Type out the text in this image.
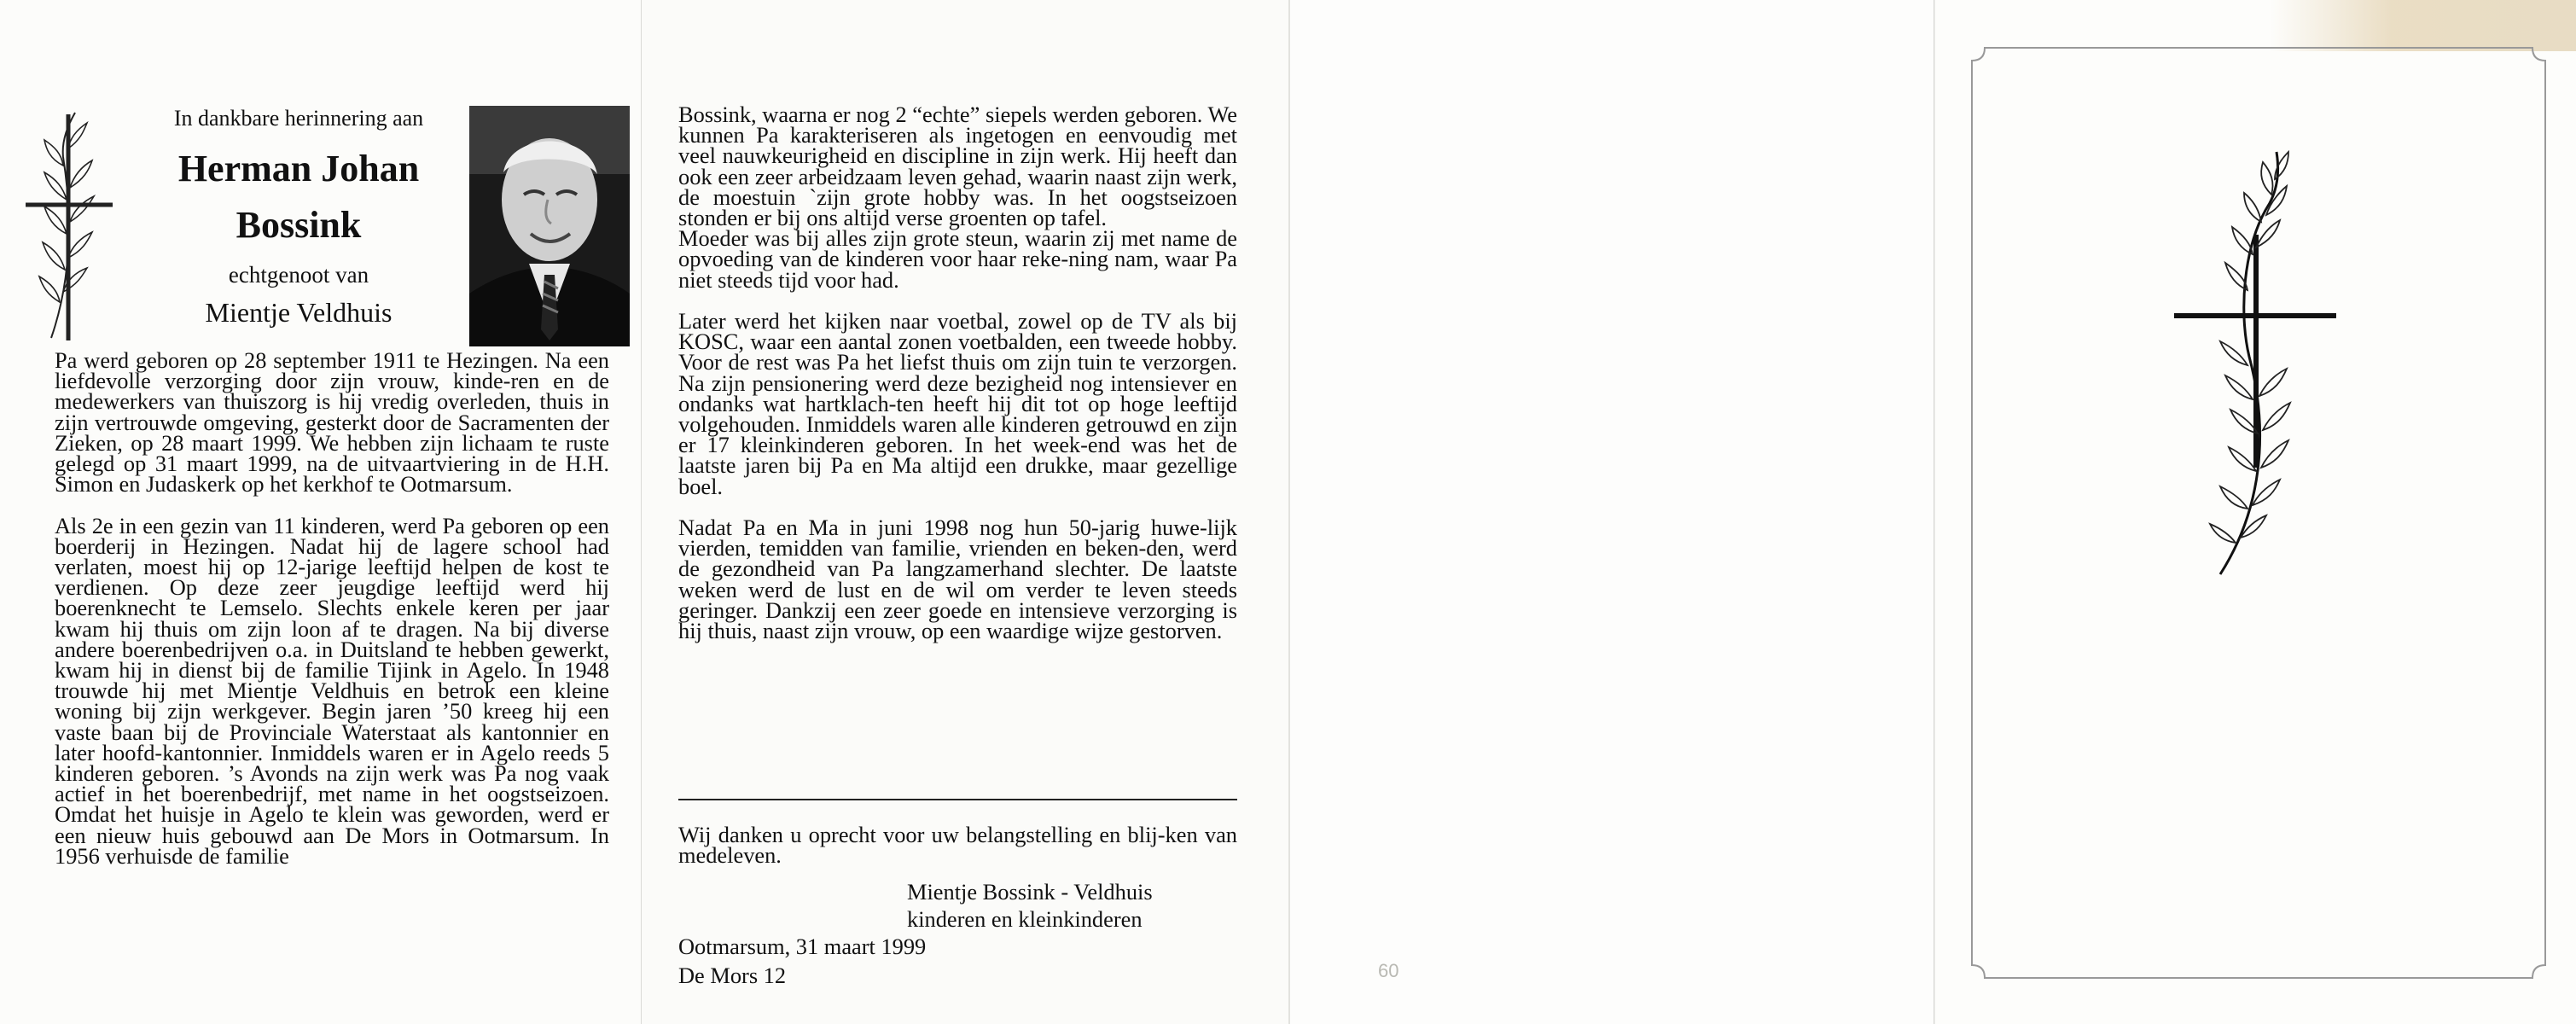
In dankbare herinnering aan
Herman Johan
Bossink
echtgenoot van
Mientje Veldhuis

Pa werd geboren op 28 september 1911 te Hezingen. Na een liefdevolle verzorging door zijn vrouw, kinde-ren en de medewerkers van thuiszorg is hij vredig overleden, thuis in zijn vertrouwde omgeving, gesterkt door de Sacramenten der Zieken, op 28 maart 1999. We hebben zijn lichaam te ruste gelegd op 31 maart 1999, na de uitvaartviering in de H.H. Simon en Judaskerk op het kerkhof te Ootmarsum.

Als 2e in een gezin van 11 kinderen, werd Pa geboren op een boerderij in Hezingen. Nadat hij de lagere school had verlaten, moest hij op 12-jarige leeftijd helpen de kost te verdienen. Op deze zeer jeugdige leeftijd werd hij boerenknecht te Lemselo. Slechts enkele keren per jaar kwam hij thuis om zijn loon af te dragen. Na bij diverse andere boerenbedrijven o.a. in Duitsland te hebben gewerkt, kwam hij in dienst bij de familie Tijink in Agelo. In 1948 trouwde hij met Mientje Veldhuis en betrok een kleine woning bij zijn werkgever. Begin jaren ’50 kreeg hij een vaste baan bij de Provinciale Waterstaat als kantonnier en later hoofd-kantonnier. Inmiddels waren er in Agelo reeds 5 kinderen geboren. ’s Avonds na zijn werk was Pa nog vaak actief in het boerenbedrijf, met name in het oogstseizoen. Omdat het huisje in Agelo te klein was geworden, werd er een nieuw huis gebouwd aan De Mors in Ootmarsum. In 1956 verhuisde de familie

Bossink, waarna er nog 2 “echte” siepels werden geboren. We kunnen Pa karakteriseren als ingetogen en eenvoudig met veel nauwkeurigheid en discipline in zijn werk. Hij heeft dan ook een zeer arbeidzaam leven gehad, waarin naast zijn werk, de moestuin `zijn grote hobby was. In het oogstseizoen stonden er bij ons altijd verse groenten op tafel.

Moeder was bij alles zijn grote steun, waarin zij met name de opvoeding van de kinderen voor haar reke-ning nam, waar Pa niet steeds tijd voor had.

Later werd het kijken naar voetbal, zowel op de TV als bij KOSC, waar een aantal zonen voetbalden, een tweede hobby. Voor de rest was Pa het liefst thuis om zijn tuin te verzorgen. Na zijn pensionering werd deze bezigheid nog intensiever en ondanks wat hartklach-ten heeft hij dit tot op hoge leeftijd volgehouden. Inmiddels waren alle kinderen getrouwd en zijn er 17 kleinkinderen geboren. In het week-end was het de laatste jaren bij Pa en Ma altijd een drukke, maar gezellige boel.

Nadat Pa en Ma in juni 1998 nog hun 50-jarig huwe-lijk vierden, temidden van familie, vrienden en beken-den, werd de gezondheid van Pa langzamerhand slechter. De laatste weken werd de lust en de wil om verder te leven steeds geringer. Dankzij een zeer goede en intensieve verzorging is hij thuis, naast zijn vrouw, op een waardige wijze gestorven.

Wij danken u oprecht voor uw belangstelling en blij-ken van medeleven.
Mientje Bossink - Veldhuis
kinderen en kleinkinderen
Ootmarsum, 31 maart 1999
De Mors 12	60
